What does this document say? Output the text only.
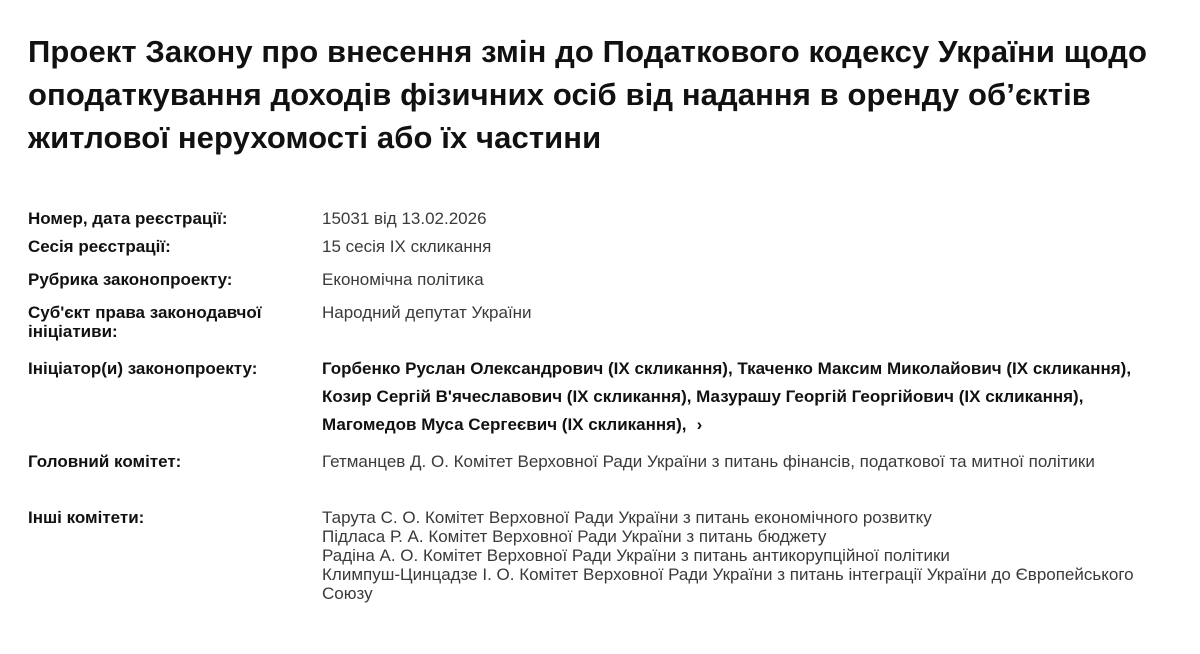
Проект Закону про внесення змін до Податкового кодексу України щодо оподаткування доходів фізичних осіб від надання в оренду об’єктів житлової нерухомості або їх частини
Номер, дата реєстрації:	15031 від 13.02.2026
Сесія реєстрації:	15 сесія IX скликання
Рубрика законопроекту:	Економічна політика
Суб'єкт права законодавчої ініціативи:
Народний депутат України
Ініціатор(и) законопроекту:	Горбенко Руслан Олександрович (IX скликання), Ткаченко Максим Миколайович (IX скликання), Козир Сергій В'ячеславович (IX скликання), Мазурашу Георгій Георгійович (IX скликання), Магомедов Муса Сергеєвич (IX скликання), ›
Головний комітет:	Гетманцев Д. О. Комітет Верховної Ради України з питань фінансів, податкової та митної політики
Інші комітети:	Тарута С. О. Комітет Верховної Ради України з питань економічного розвитку
Підласа Р. А. Комітет Верховної Ради України з питань бюджету
Радіна А. О. Комітет Верховної Ради України з питань антикорупційної політики
Климпуш-Цинцадзе І. О. Комітет Верховної Ради України з питань інтеграції України до Європейського Союзу
